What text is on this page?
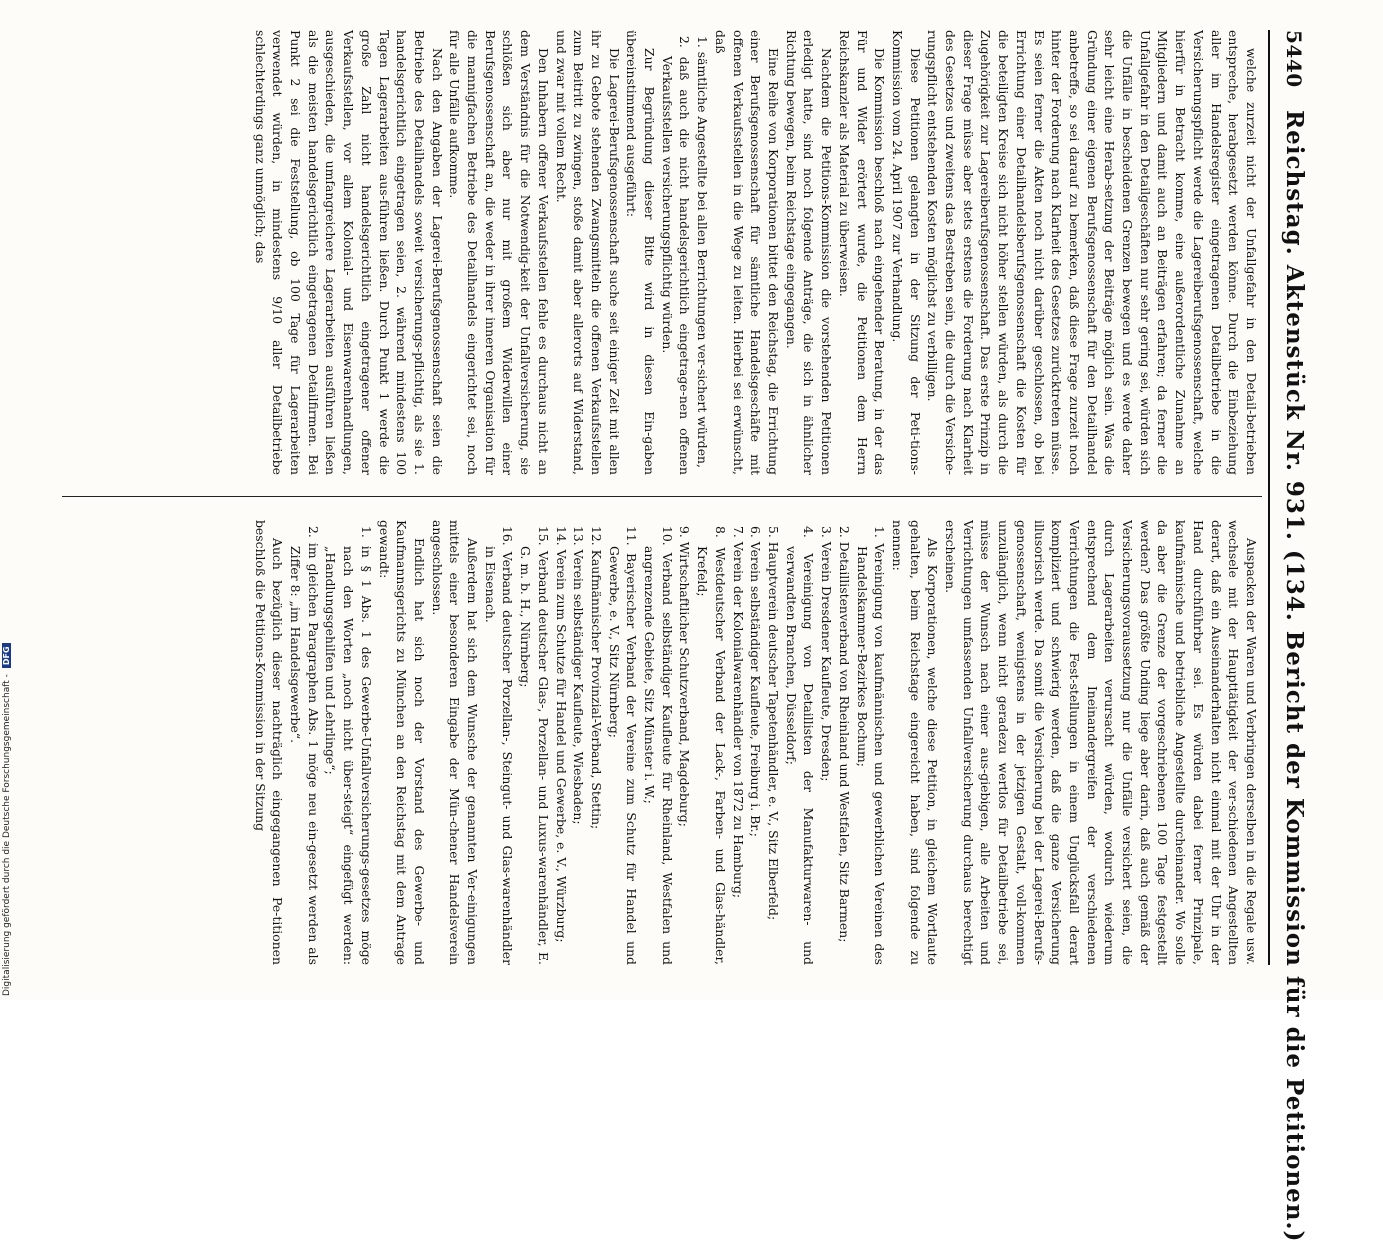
5440
Reichstag. Aktenstück Nr. 931. (134. Bericht der Kommission für die Petitionen.)

welche zurzeit nicht der Unfallgefahr in den Detail-betrieben entspreche, herabgesetzt werden könne. Durch die Einbeziehung aller im Handelsregister eingetragenen Detailbetriebe in die Versicherungspflicht werde die Lagereiberufsgenossenschaft, welche hierfür in Betracht komme, eine außerordentliche Zunahme an Mitgliedern und damit auch an Beiträgen erfahren; da ferner die Unfallgefahr in den Detailgeschäften nur sehr gering sei, würden sich die Unfälle in bescheidenen Grenzen bewegen und es werde daher sehr leicht eine Herab-setzung der Beiträge möglich sein. Was die Gründung einer eigenen Berufsgenossenschaft für den Detailhandel anbetreffe, so sei darauf zu bemerken, daß diese Frage zurzeit noch hinter der Forderung nach Klarheit des Gesetzes zurücktreten müsse. Es seien ferner die Akten noch nicht darüber geschlossen, ob bei Errichtung einer Detailhandelsberufsgenossenschaft die Kosten für die beteiligten Kreise sich nicht höher stellen würden, als durch die Zugehörigkeit zur Lagereiberufsgenossenschaft. Das erste Prinzip in dieser Frage müsse aber stets erstens die Forderung nach Klarheit des Gesetzes und zweitens das Bestreben sein, die durch die Versiche-rungspflicht entstehenden Kosten möglichst zu verbilligen.

Diese Petitionen gelangten in der Sitzung der Peti-tions-Kommission vom 24. April 1907 zur Verhandlung.

Die Kommission beschloß nach eingehender Beratung, in der das Für und Wider erörtert wurde, die Petitionen dem Herrn Reichskanzler als Material zu überweisen.

Nachdem die Petitions-Kommission die vorstehenden Petitionen erledigt hatte, sind noch folgende Anträge, die sich in ähnlicher Richtung bewegen, beim Reichstage eingegangen.

Eine Reihe von Korporationen bittet den Reichstag, die Errichtung einer Berufsgenossenschaft für sämtliche Handelsgeschäfte mit offenen Verkaufsstellen in die Wege zu leiten. Hierbei sei erwünscht, daß

1. sämtliche Angestellte bei allen Berrichtungen ver-sichert würden,

2. daß auch die nicht handelsgerichtlich eingetrage-nen offenen Verkaufsstellen versicherungspflichtig würden.

Zur Begründung dieser Bitte wird in diesen Ein-gaben übereinstimmend ausgeführt:

Die Lagerei-Berufsgenossenschaft suche seit einiger Zeit mit allen ihr zu Gebote stehenden Zwangsmitteln die offenen Verkaufsstellen zum Beitritt zu zwingen, stoße damit aber allerorts auf Widerstand, und zwar mit vollem Recht.

Den Inhabern offener Verkaufsstellen fehle es durchaus nicht an dem Verständnis für die Notwendig-keit der Unfallversicherung, sie schlößen sich aber nur mit großem Widerwillen einer Berufsgenossenschaft an, die weder in ihrer inneren Organisation für die mannigfachen Betriebe des Detailhandels eingerichtet sei, noch für alle Unfälle aufkomme.

Nach den Angaben der Lagerei-Berufsgenossenschaft seien die Betriebe des Detailhandels soweit versicherungs-pflichtig, als sie 1. handelsgerichtlich eingetragen seien, 2. während mindestens 100 Tagen Lagerarbeiten aus-führen ließen. Durch Punkt 1 werde die große Zahl nicht handelsgerichtlich eingetragener offener Verkaufsstellen, vor allem Kolonial- und Eisenwarenhandlungen, ausgeschieden, die umfangreichere Lagerarbeiten ausführen ließen als die meisten handelsgerichtlich eingetragenen Detailfirmen. Bei Punkt 2 sei die Feststellung, ob 100 Tage für Lagerarbeiten verwendet würden, in mindestens 9/10 aller Detailbetriebe schlechterdings ganz unmöglich; das

Auspacken der Waren und Verbringen derselben in die Regale usw. wechsele mit der Haupttätigkeit der ver-schiedenen Angestellten derart, daß ein Auseinanderhalten nicht einmal mit der Uhr in der Hand durchführbar sei. Es würden dabei ferner Prinzipale, kaufmännische und betriebliche Angestellte durcheinander. Wo solle da aber die Grenze der vorgeschriebenen 100 Tage festgestellt werden? Das größte Unding liege aber darin, daß auch gemäß der Versicherungsvoraussetzung nur die Unfälle versichert seien, die durch Lagerarbeiten verursacht würden, wodurch wiederum entsprechend dem Ineinandergreifen der verschiedenen Verrichtungen die Fest-stellungen in einem Unglücksfall derart kompliziert und schwierig werden, daß die ganze Versicherung illusorisch werde. Da somit die Versicherung bei der Lagerei-Berufs-genossenschaft, wenigstens in der jetzigen Gestalt, voll-kommen unzulänglich, wenn nicht geradezu wertlos für Detailbetriebe sei, müsse der Wunsch nach einer aus-giebigen, alle Arbeiten und Verrichtungen umfassenden Unfallversicherung durchaus berechtigt erscheinen.

Als Korporationen, welche diese Petition, in gleichem Wortlaute gehalten, beim Reichstage eingereicht haben, sind folgende zu nennen:

1. Vereinigung von kaufmännischen und gewerblichen Vereinen des Handelskammer-Bezirkes Bochum;

2. Detaillistenverband von Rheinland und Westfalen, Sitz Barmen;

3. Verein Dresdener Kaufleute, Dresden;

4. Vereinigung von Detaillisten der Manufakturwaren- und verwandten Branchen, Düsseldorf;

5. Hauptverein deutscher Tapetenhändler, e. V., Sitz Elberfeld;

6. Verein selbständiger Kaufleute, Freiburg i. Br.;

7. Verein der Kolonialwarenhändler von 1872 zu Hamburg;

8. Westdeutscher Verband der Lack-, Farben- und Glas-händler, Krefeld;

9. Wirtschaftlicher Schutzverband, Magdeburg;

10. Verband selbständiger Kaufleute für Rheinland, Westfalen und angrenzende Gebiete, Sitz Münster i. W.;

11. Bayerischer Verband der Vereine zum Schutz für Handel und Gewerbe, e. V., Sitz Nürnberg;

12. Kaufmännischer Provinzial-Verband, Stettin;

13. Verein selbständiger Kaufleute, Wiesbaden;

14. Verein zum Schutze für Handel und Gewerbe, e. V., Würzburg;

15. Verband deutscher Glas-, Porzellan- und Luxus-warenhändler, E. G. m. b. H., Nürnberg;

16. Verband deutscher Porzellan-, Steingut- und Glas-warenhändler in Eisenach.

Außerdem hat sich dem Wunsche der genannten Ver-einigungen mittels einer besonderen Eingabe der Mün-chener Handelsverein angeschlossen.

Endlich hat sich noch der Vorstand des Gewerbe- und Kaufmannsgerichts zu München an den Reichstag mit dem Antrage gewandt:

1. in § 1 Abs. 1 des Gewerbe-Unfallversicherungs-gesetzes möge nach den Worten „noch nicht über-steigt“ eingefügt werden: „Handlungsgehilfen und Lehrlinge“;

2. im gleichen Paragraphen Abs. 1 möge neu ein-gesetzt werden als Ziffer 8: „im Handelsgewerbe“.

Auch bezüglich dieser nachträglich eingegangenen Pe-titionen beschloß die Petitions-Kommission in der Sitzung

Digitalisierung gefördert durch die Deutsche Forschungsgemeinschaft -DFG
